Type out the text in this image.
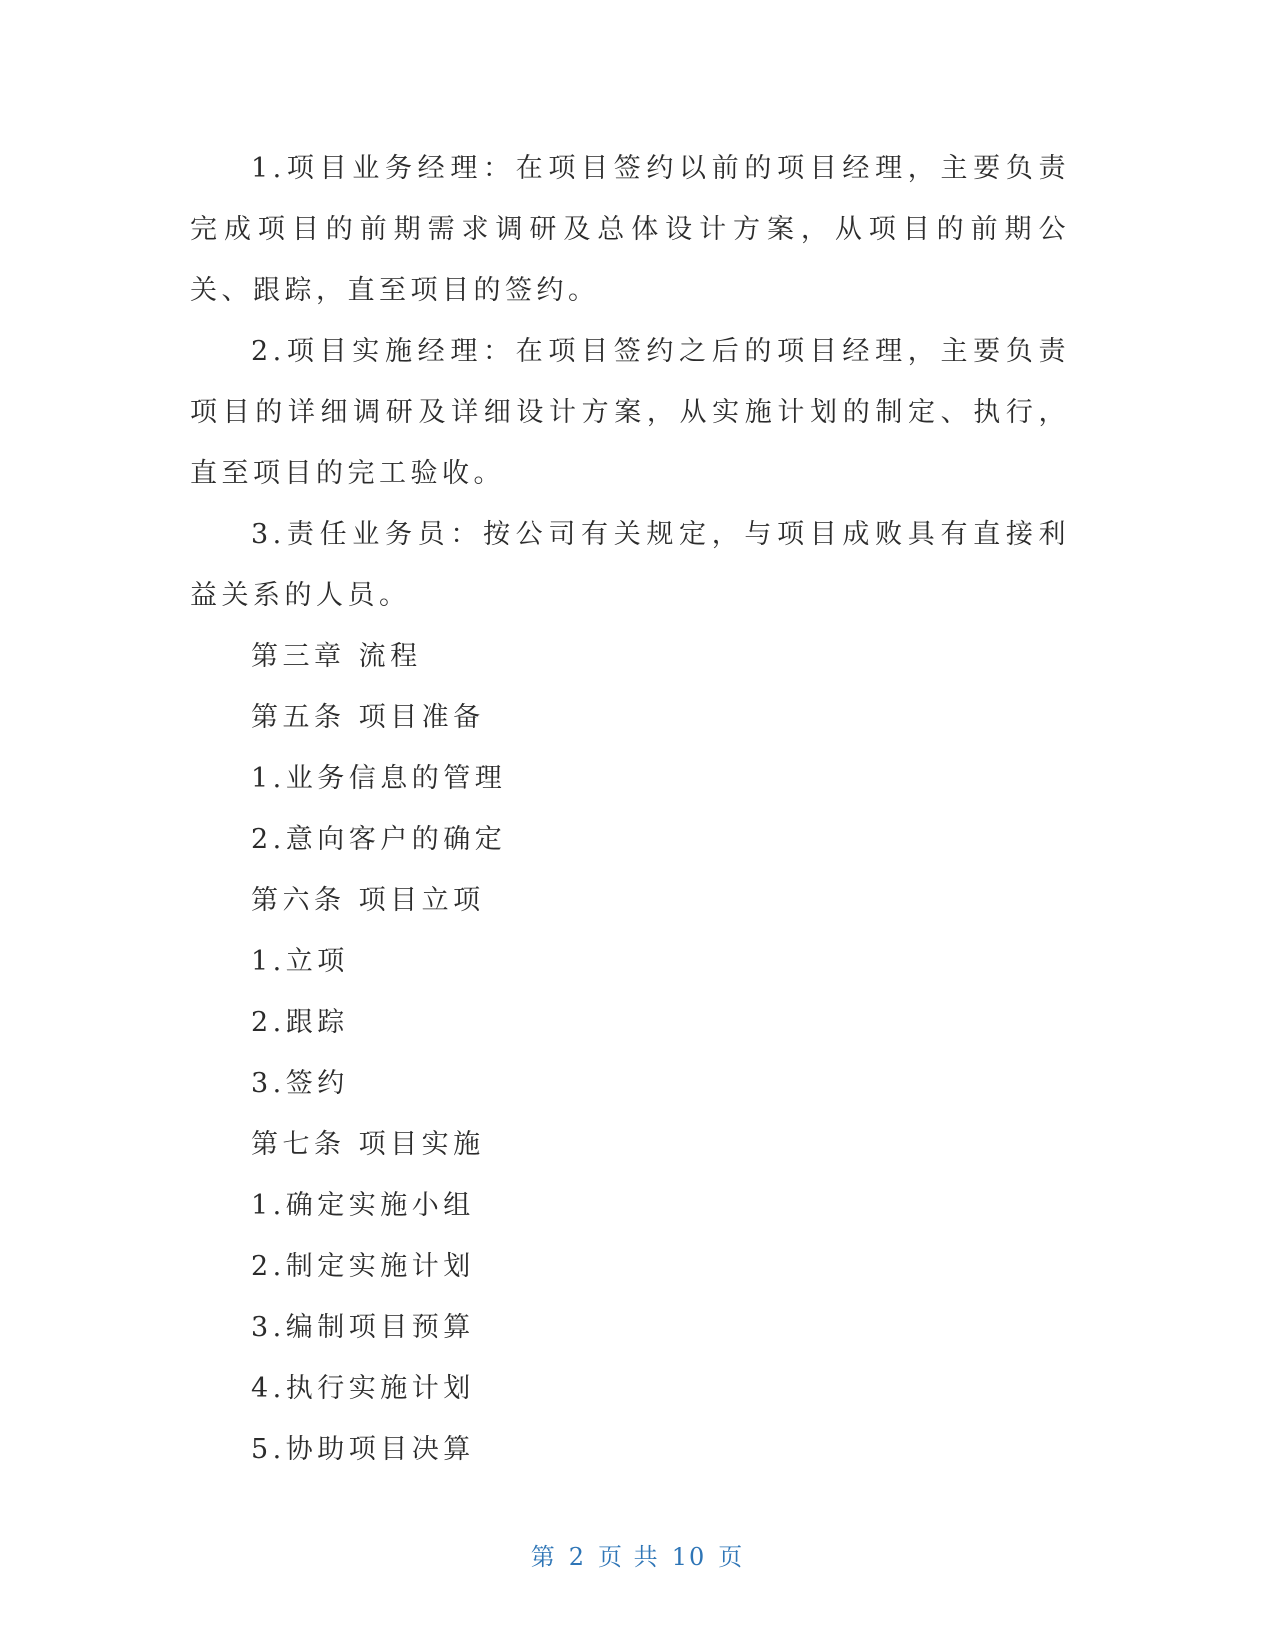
1.项目业务经理：在项目签约以前的项目经理，主要负责完成项目的前期需求调研及总体设计方案，从项目的前期公关、跟踪，直至项目的签约。

2.项目实施经理：在项目签约之后的项目经理，主要负责项目的详细调研及详细设计方案，从实施计划的制定、执行，直至项目的完工验收。

3.责任业务员：按公司有关规定，与项目成败具有直接利益关系的人员。

第三章 流程

第五条 项目准备

1.业务信息的管理

2.意向客户的确定

第六条 项目立项

1.立项

2.跟踪

3.签约

第七条 项目实施

1.确定实施小组

2.制定实施计划

3.编制项目预算

4.执行实施计划

5.协助项目决算

第 2 页 共 10 页
